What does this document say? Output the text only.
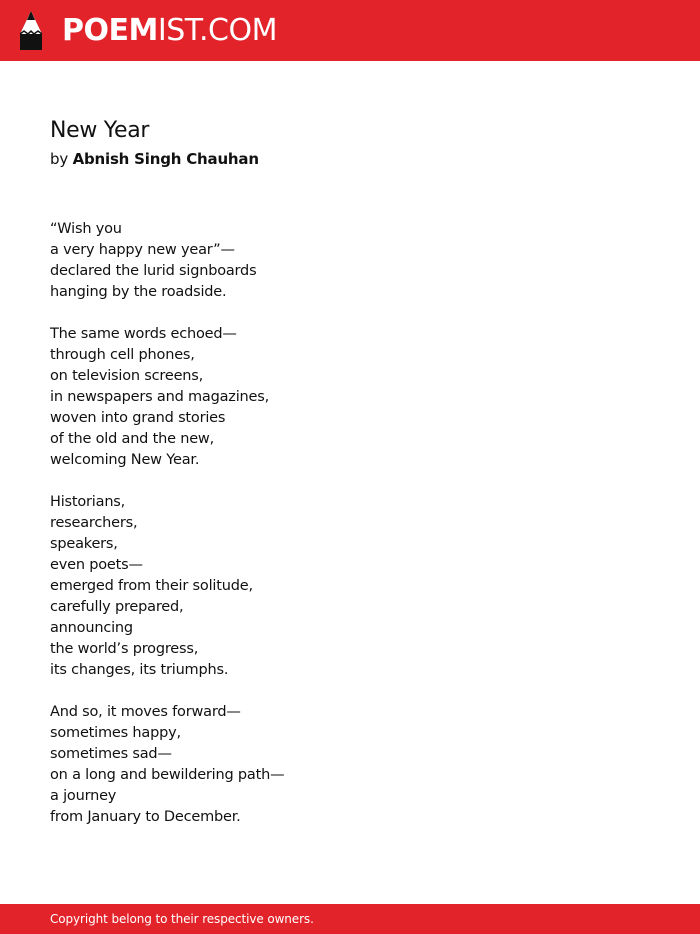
POEMIST.COM
New Year
by Abnish Singh Chauhan
“Wish you
a very happy new year”—
declared the lurid signboards
hanging by the roadside.
The same words echoed—
through cell phones,
on television screens,
in newspapers and magazines,
woven into grand stories
of the old and the new,
welcoming New Year.
Historians,
researchers,
speakers,
even poets—
emerged from their solitude,
carefully prepared,
announcing
the world’s progress,
its changes, its triumphs.
And so, it moves forward—
sometimes happy,
sometimes sad—
on a long and bewildering path—
a journey
from January to December.
Copyright belong to their respective owners.
